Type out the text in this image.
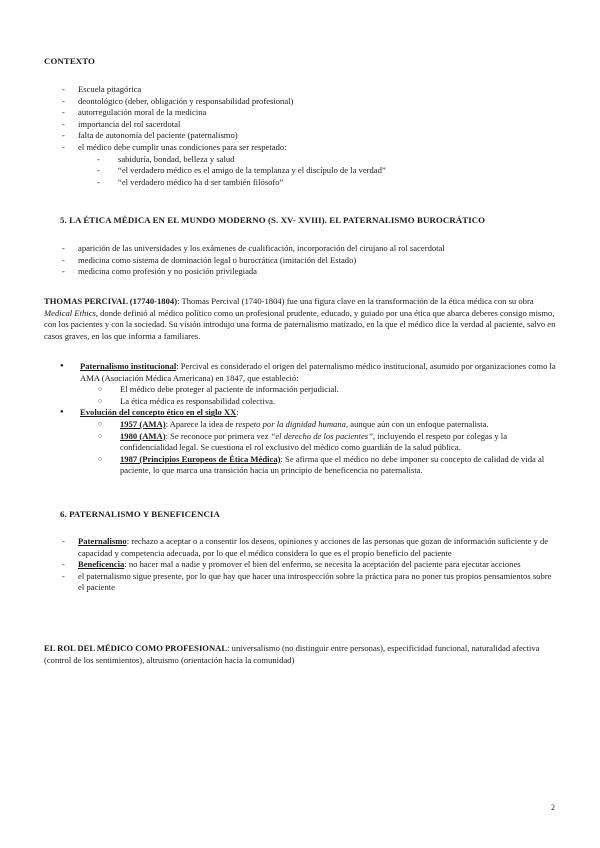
CONTEXTO
- Escuela pitagórica
- deontológico (deber, obligación y responsabilidad profesional)
- autorregulación moral de la medicina
- importancia del rol sacerdotal
- falta de autonomía del paciente (paternalismo)
- el médico debe cumplir unas condiciones para ser respetado:
- sabiduría, bondad, belleza y salud
- “el verdadero médico es el amigo de la templanza y el discípulo de la verdad”
- “el verdadero médico ha d ser también filósofo”
5. LA ÉTICA MÉDICA EN EL MUNDO MODERNO (S. XV- XVIII). EL PATERNALISMO BUROCRÁTICO
- aparición de las universidades y los exámenes de cualificación, incorporación del cirujano al rol sacerdotal
- medicina como sistema de dominación legal o burocrática (imitación del Estado)
- medicina como profesión y no posición privilegiada

THOMAS PERCIVAL (17740-1804): Thomas Percival (1740-1804) fue una figura clave en la transformación de la ética médica con su obra Medical Ethics, donde definió al médico político como un profesional prudente, educado, y guiado por una ética que abarca deberes consigo mismo, con los pacientes y con la sociedad. Su visión introdujo una forma de paternalismo matizado, en la que el médico dice la verdad al paciente, salvo en casos graves, en los que informa a familiares.

● Paternalismo institucional: Percival es considerado el origen del paternalismo médico institucional, asumido por organizaciones como la AMA (Asociación Médica Americana) en 1847, que estableció:
○ El médico debe proteger al paciente de información perjudicial.
○ La ética médica es responsabilidad colectiva.
● Evolución del concepto ético en el siglo XX:
○ 1957 (AMA): Aparece la idea de respeto por la dignidad humana, aunque aún con un enfoque paternalista.
○ 1980 (AMA): Se reconoce por primera vez “el derecho de los pacientes”, incluyendo el respeto por colegas y la confidencialidad legal. Se cuestiona el rol exclusivo del médico como guardián de la salud pública.
○ 1987 (Principios Europeos de Ética Médica): Se afirma que el médico no debe imponer su concepto de calidad de vida al paciente, lo que marca una transición hacia un principio de beneficencia no paternalista.
6. PATERNALISMO Y BENEFICENCIA
- Paternalismo: rechazo a aceptar o a consentir los deseos, opiniones y acciones de las personas que gozan de información suficiente y de capacidad y competencia adecuada, por lo que el médico considera lo que es el propio beneficio del paciente
- Beneficencia: no hacer mal a nadie y promover el bien del enfermo, se necesita la aceptación del paciente para ejecutar acciones
- el paternalismo sigue presente, por lo que hay que hacer una introspección sobre la práctica para no poner tus propios pensamientos sobre el paciente

EL ROL DEL MÉDICO COMO PROFESIONAL: universalismo (no distinguir entre personas), especificidad funcional, naturalidad afectiva (control de los sentimientos), altruismo (orientación hacia la comunidad)

2
